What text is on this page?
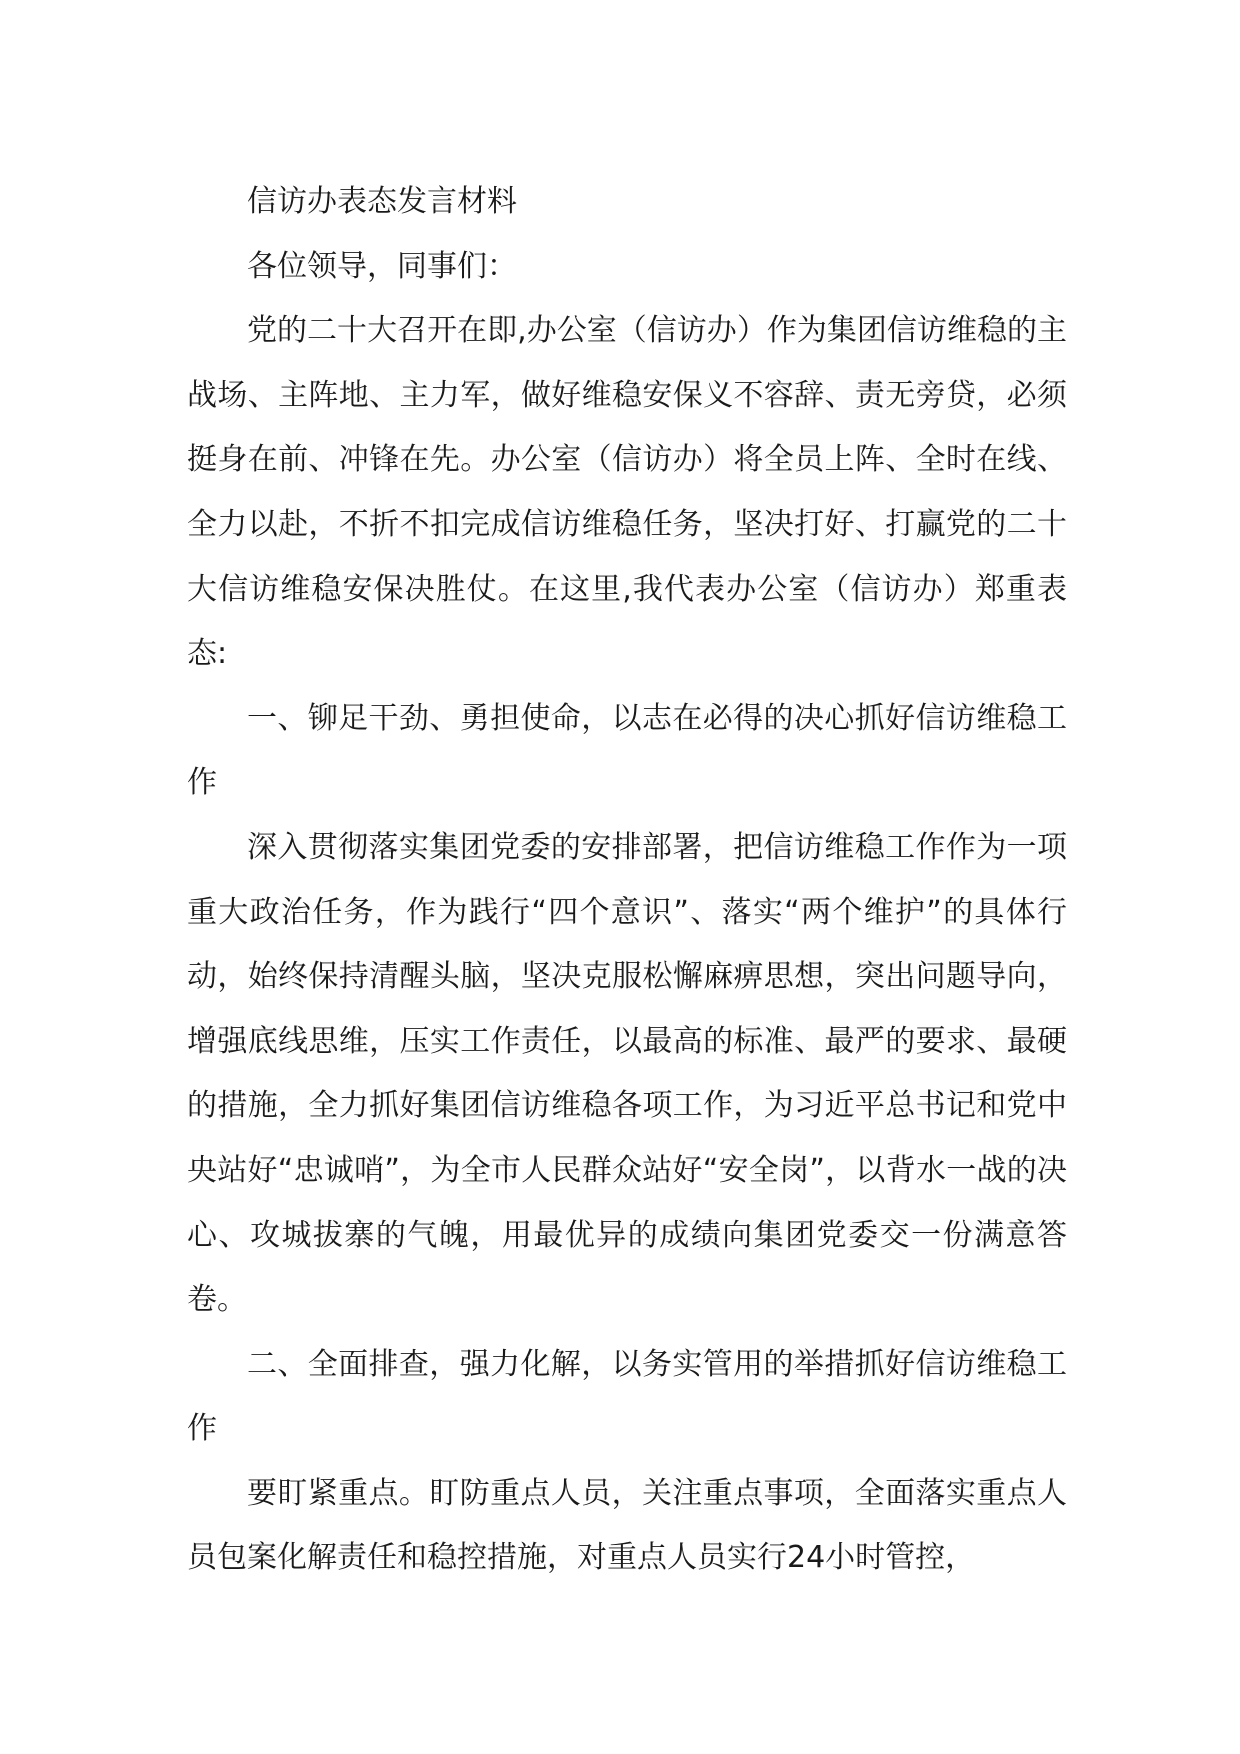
信访办表态发言材料

各位领导，同事们：

党的二十大召开在即,办公室（信访办）作为集团信访维稳的主战场、主阵地、主力军，做好维稳安保义不容辞、责无旁贷，必须挺身在前、冲锋在先。办公室（信访办）将全员上阵、全时在线、全力以赴，不折不扣完成信访维稳任务，坚决打好、打赢党的二十大信访维稳安保决胜仗。在这里,我代表办公室（信访办）郑重表态:

一、铆足干劲、勇担使命，以志在必得的决心抓好信访维稳工作

深入贯彻落实集团党委的安排部署，把信访维稳工作作为一项重大政治任务，作为践行“四个意识”、落实“两个维护”的具体行动，始终保持清醒头脑，坚决克服松懈麻痹思想，突出问题导向，增强底线思维，压实工作责任，以最高的标准、最严的要求、最硬的措施，全力抓好集团信访维稳各项工作，为习近平总书记和党中央站好“忠诚哨”，为全市人民群众站好“安全岗”，以背水一战的决心、攻城拔寨的气魄，用最优异的成绩向集团党委交一份满意答卷。

二、全面排查，强力化解，以务实管用的举措抓好信访维稳工作

要盯紧重点。盯防重点人员，关注重点事项，全面落实重点人员包案化解责任和稳控措施，对重点人员实行24小时管控，
